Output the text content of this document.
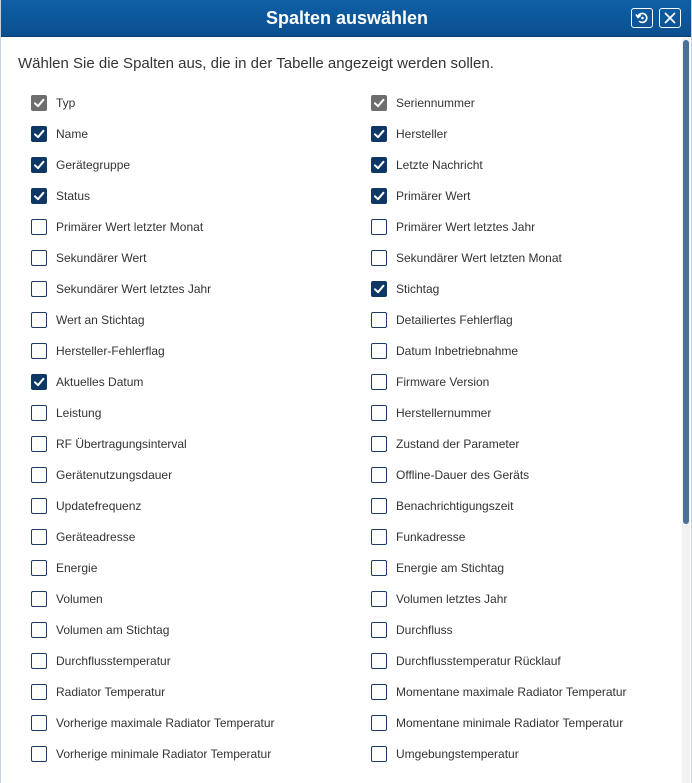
Spalten auswählen
Wählen Sie die Spalten aus, die in der Tabelle angezeigt werden sollen.
Typ
Name
Gerätegruppe
Status
Primärer Wert letzter Monat
Sekundärer Wert
Sekundärer Wert letztes Jahr
Wert an Stichtag
Hersteller-Fehlerflag
Aktuelles Datum
Leistung
RF Übertragungsinterval
Gerätenutzungsdauer
Updatefrequenz
Geräteadresse
Energie
Volumen
Volumen am Stichtag
Durchflusstemperatur
Radiator Temperatur
Vorherige maximale Radiator Temperatur
Vorherige minimale Radiator Temperatur
Seriennummer
Hersteller
Letzte Nachricht
Primärer Wert
Primärer Wert letztes Jahr
Sekundärer Wert letzten Monat
Stichtag
Detailiertes Fehlerflag
Datum Inbetriebnahme
Firmware Version
Herstellernummer
Zustand der Parameter
Offline-Dauer des Geräts
Benachrichtigungszeit
Funkadresse
Energie am Stichtag
Volumen letztes Jahr
Durchfluss
Durchflusstemperatur Rücklauf
Momentane maximale Radiator Temperatur
Momentane minimale Radiator Temperatur
Umgebungstemperatur
